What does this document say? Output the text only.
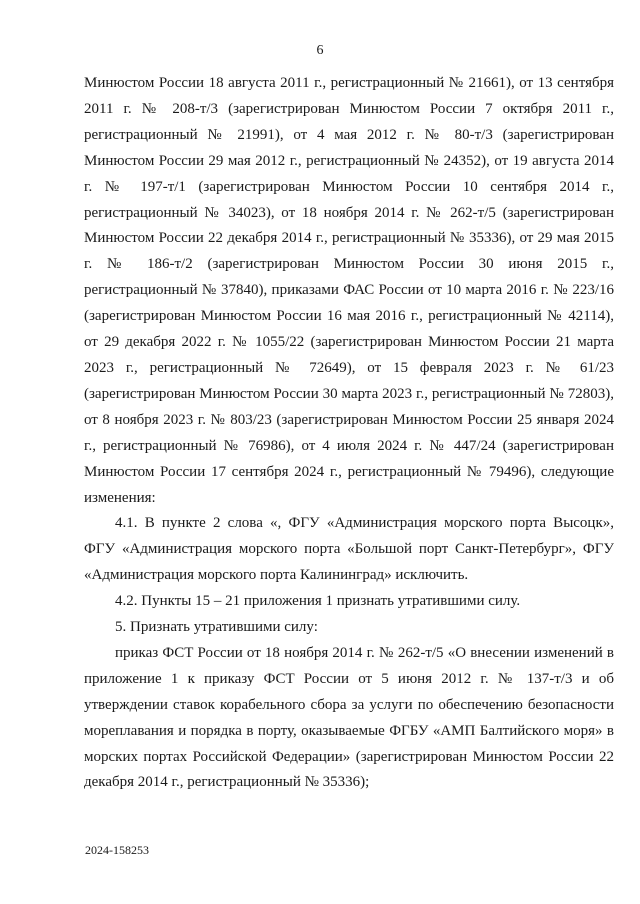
6

Минюстом России 18 августа 2011 г., регистрационный № 21661), от 13 сентября 2011 г. № 208-т/3 (зарегистрирован Минюстом России 7 октября 2011 г., регистрационный № 21991), от 4 мая 2012 г. № 80-т/3 (зарегистрирован Минюстом России 29 мая 2012 г., регистрационный № 24352), от 19 августа 2014 г. № 197-т/1 (зарегистрирован Минюстом России 10 сентября 2014 г., регистрационный № 34023), от 18 ноября 2014 г. № 262-т/5 (зарегистрирован Минюстом России 22 декабря 2014 г., регистрационный № 35336), от 29 мая 2015 г. № 186-т/2 (зарегистрирован Минюстом России 30 июня 2015 г., регистрационный № 37840), приказами ФАС России от 10 марта 2016 г. № 223/16 (зарегистрирован Минюстом России 16 мая 2016 г., регистрационный № 42114), от 29 декабря 2022 г. № 1055/22 (зарегистрирован Минюстом России 21 марта 2023 г., регистрационный № 72649), от 15 февраля 2023 г. № 61/23 (зарегистрирован Минюстом России 30 марта 2023 г., регистрационный № 72803), от 8 ноября 2023 г. № 803/23 (зарегистрирован Минюстом России 25 января 2024 г., регистрационный № 76986), от 4 июля 2024 г. № 447/24 (зарегистрирован Минюстом России 17 сентября 2024 г., регистрационный № 79496), следующие изменения:

4.1. В пункте 2 слова «, ФГУ «Администрация морского порта Высоцк», ФГУ «Администрация морского порта «Большой порт Санкт-Петербург», ФГУ «Администрация морского порта Калининград» исключить.

4.2. Пункты 15 – 21 приложения 1 признать утратившими силу.

5. Признать утратившими силу:

приказ ФСТ России от 18 ноября 2014 г. № 262-т/5 «О внесении изменений в приложение 1 к приказу ФСТ России от 5 июня 2012 г. № 137-т/3 и об утверждении ставок корабельного сбора за услуги по обеспечению безопасности мореплавания и порядка в порту, оказываемые ФГБУ «АМП Балтийского моря» в морских портах Российской Федерации» (зарегистрирован Минюстом России 22 декабря 2014 г., регистрационный № 35336);

2024-158253
